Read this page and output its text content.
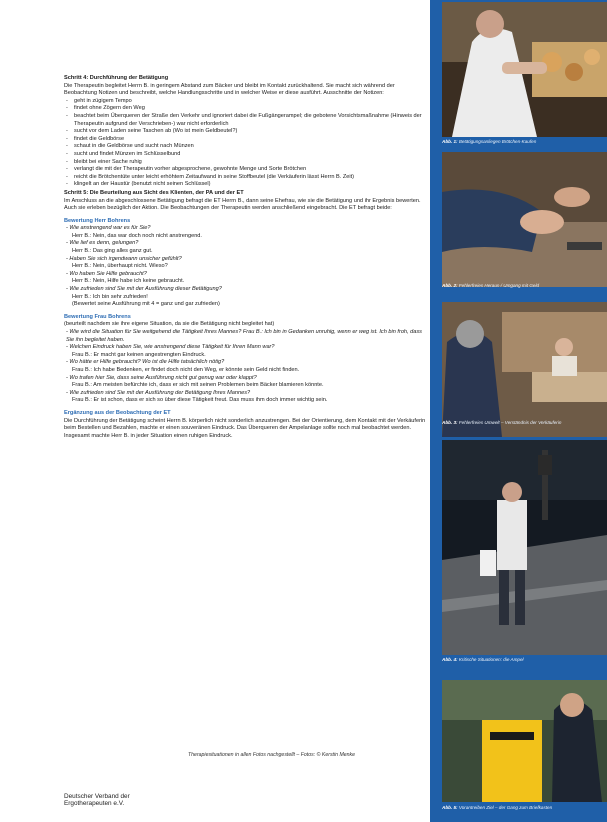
Schritt 4: Durchführung der Betätigung

Die Therapeutin begleitet Herrn B. in geringem Abstand zum Bäcker und bleibt im Kontakt zurückhaltend. Sie macht sich während der Beobachtung Notizen und beschreibt, welche Handlungsschritte und in welcher Weise er diese ausführt. Ausschnitte der Notizen:

- geht in zügigem Tempo
- findet ohne Zögern den Weg
- beachtet beim Überqueren der Straße den Verkehr und ignoriert dabei die Fußgängerampel; die gebotene Vorsichtsmaßnahme (Hinweis der Therapeutin aufgrund der Verschrieben-) war nicht erforderlich
- sucht vor dem Laden seine Taschen ab (Wo ist mein Geldbeutel?)
- findet die Geldbörse
- schaut in die Geldbörse und sucht nach Münzen
- sucht und findet Münzen im Schlüsselbund
- bleibt bei einer Sache ruhig
- verlangt die mit der Therapeutin vorher abgesprochene, gewohnte Menge und Sorte Brötchen
- reicht die Brötchentüte unter leicht erhöhtem Zeitaufwand in seine Stoffbeutel (die Verkäuferin lässt Herrn B. Zeit)
- klingelt an der Haustür (benutzt nicht seinen Schlüssel)
Schritt 5: Die Beurteilung aus Sicht des Klienten, der PA und der ET

Im Anschluss an die abgeschlossene Betätigung befragt die ET Herrn B., dann seine Ehefrau, wie sie die Betätigung und ihr Ergebnis bewerten. Auch sie erleben bezüglich der Aktion. Die Beobachtungen der Therapeutin werden anschließend eingebracht. Die ET befragt beide:

Bewertung Herr Bohrens
- Wie anstrengend war es für Sie?
Herr B.: Nein, das war doch noch nicht anstrengend.
- Wie lief es denn, gelungen?
Herr B.: Das ging alles ganz gut.
- Haben Sie sich irgendwann unsicher gefühlt?
Herr B.: Nein, überhaupt nicht. Wieso?
- Wo haben Sie Hilfe gebraucht?
Herr B.: Nein, Hilfe habe ich keine gebraucht.
- Wie zufrieden sind Sie mit der Ausführung dieser Betätigung?
Herr B.: Ich bin sehr zufrieden!
(Bewertet seine Ausführung mit 4 = ganz und gar zufrieden)
Bewertung Frau Bohrens

(beurteilt nachdem sie ihre eigene Situation, da sie die Betätigung nicht begleitet hat)

- Wie wird die Situation für Sie weitgehend die Tätigkeit Ihres Mannes? Frau B.: Ich bin in Gedanken unruhig, wenn er weg ist. Ich bin froh, dass Sie ihn begleitet haben.
- Welchen Eindruck haben Sie, wie anstrengend diese Tätigkeit für Ihren Mann war?
Frau B.: Er macht gar keinen angestrengten Eindruck.
- Wo hätte er Hilfe gebraucht? Wo ist die Hilfe tatsächlich nötig?
Frau B.: Ich habe Bedenken, er findet doch nicht den Weg, er könnte sein Geld nicht finden.
- Wo trafen hier Sie, dass seine Ausführung nicht gut genug war oder klappt?
Frau B.: Am meisten befürchte ich, dass er sich mit seinen Problemen beim Bäcker blamieren könnte.
- Wie zufrieden sind Sie mit der Ausführung der Betätigung Ihres Mannes?
Frau B.: Er ist schon, dass er sich so über diese Tätigkeit freut. Das muss ihm doch immer wichtig sein.
Ergänzung aus der Beobachtung der ET

Die Durchführung der Betätigung scheint Herrn B. körperlich nicht sonderlich anzustrengen. Bei der Orientierung, dem Kontakt mit der Verkäuferin beim Bestellen und Bezahlen, machte er einen souveränen Eindruck. Das Überqueren der Ampelanlage sollte noch mal beobachtet werden. Insgesamt machte Herr B. in jeder Situation einen ruhigen Eindruck.

Therapiesituationen in allen Fotos nachgestellt – Fotos: © Kerstin Menke
Deutscher Verband der
Ergotherapeuten e.V.
Abb. 1: Betätigungsanliegen Brötchen-Kaufen
Abb. 2: Fehlerfreies Heraus-/ Umgang mit Geld
Abb. 3: Fehlerfreies Umwelt – Verständnis der Verkäuferin
Abb. 4: Kritische Situationen: die Ampel
Abb. 5: Vorantreiben Ziel – der Gang zum Briefkasten
